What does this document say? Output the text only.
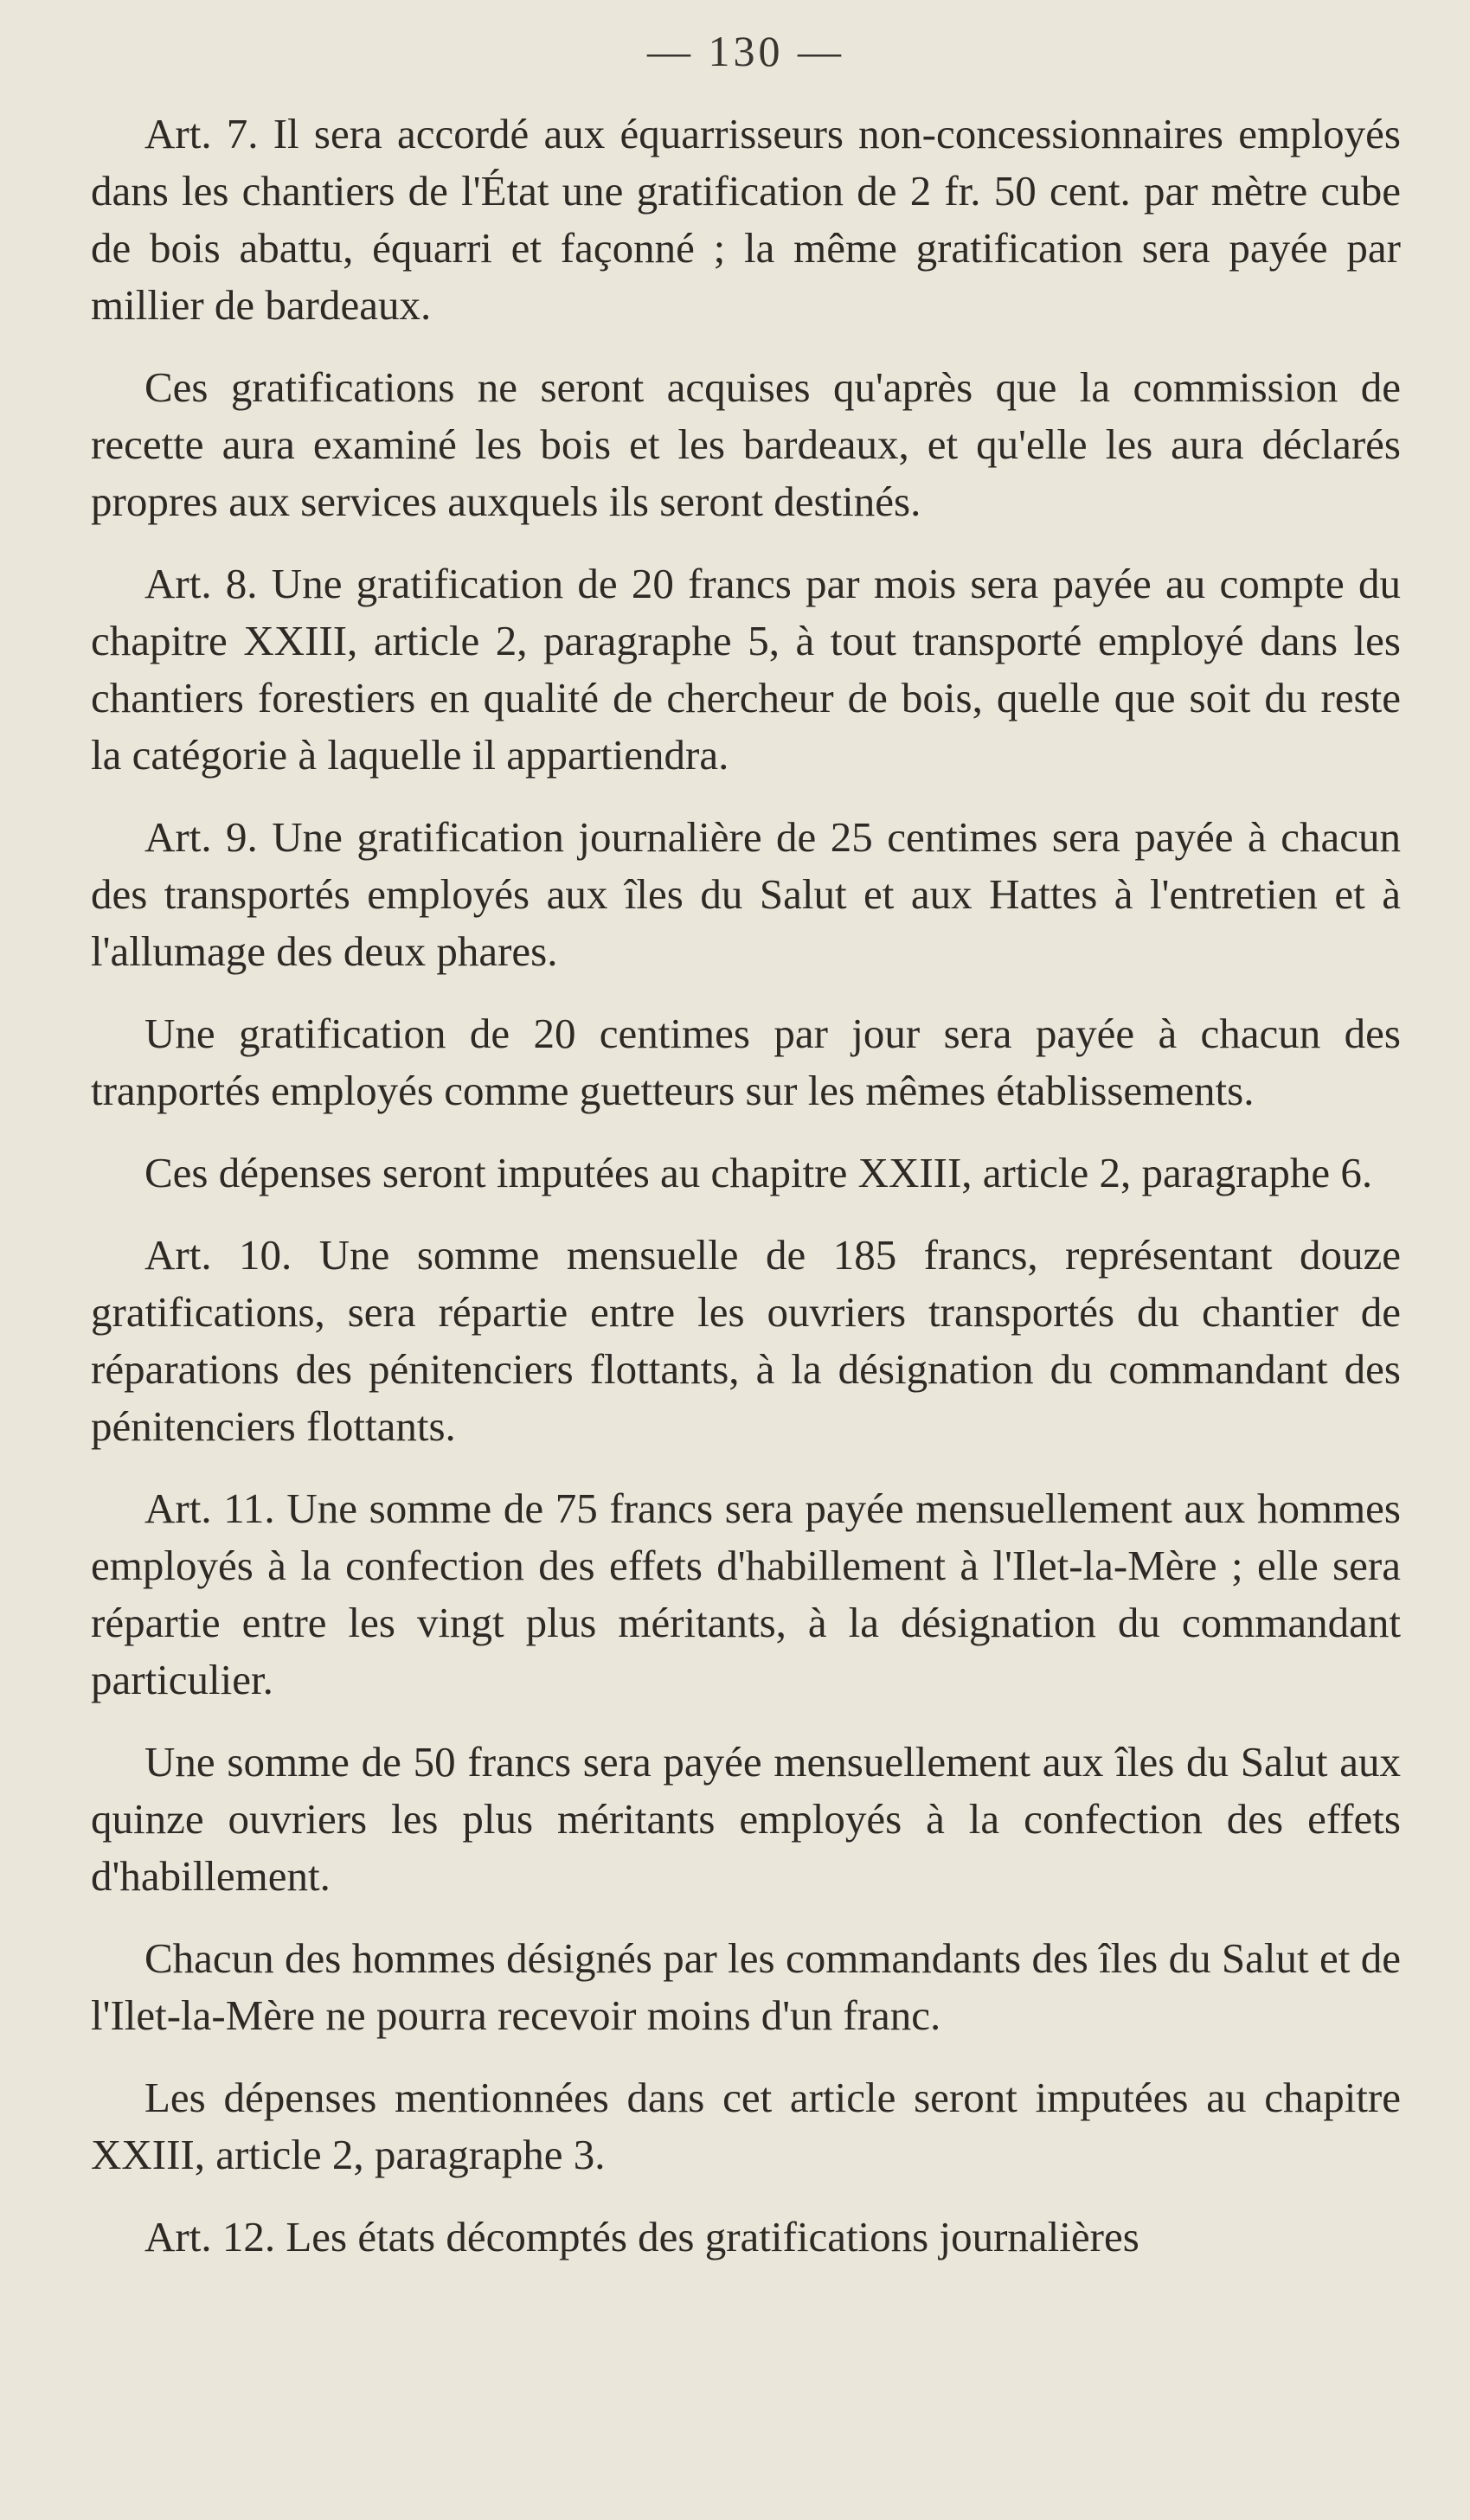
— 130 —

Art. 7. Il sera accordé aux équarrisseurs non-concessionnaires employés dans les chantiers de l'État une gratification de 2 fr. 50 cent. par mètre cube de bois abattu, équarri et façonné ; la même gratification sera payée par millier de bardeaux.

Ces gratifications ne seront acquises qu'après que la commission de recette aura examiné les bois et les bardeaux, et qu'elle les aura déclarés propres aux services auxquels ils seront destinés.

Art. 8. Une gratification de 20 francs par mois sera payée au compte du chapitre XXIII, article 2, paragraphe 5, à tout transporté employé dans les chantiers forestiers en qualité de chercheur de bois, quelle que soit du reste la catégorie à laquelle il appartiendra.

Art. 9. Une gratification journalière de 25 centimes sera payée à chacun des transportés employés aux îles du Salut et aux Hattes à l'entretien et à l'allumage des deux phares.

Une gratification de 20 centimes par jour sera payée à chacun des tranportés employés comme guetteurs sur les mêmes établissements.

Ces dépenses seront imputées au chapitre XXIII, article 2, paragraphe 6.

Art. 10. Une somme mensuelle de 185 francs, représentant douze gratifications, sera répartie entre les ouvriers transportés du chantier de réparations des pénitenciers flottants, à la désignation du commandant des pénitenciers flottants.

Art. 11. Une somme de 75 francs sera payée mensuellement aux hommes employés à la confection des effets d'habillement à l'Ilet-la-Mère ; elle sera répartie entre les vingt plus méritants, à la désignation du commandant particulier.

Une somme de 50 francs sera payée mensuellement aux îles du Salut aux quinze ouvriers les plus méritants employés à la confection des effets d'habillement.

Chacun des hommes désignés par les commandants des îles du Salut et de l'Ilet-la-Mère ne pourra recevoir moins d'un franc.

Les dépenses mentionnées dans cet article seront imputées au chapitre XXIII, article 2, paragraphe 3.

Art. 12. Les états décomptés des gratifications journalières
